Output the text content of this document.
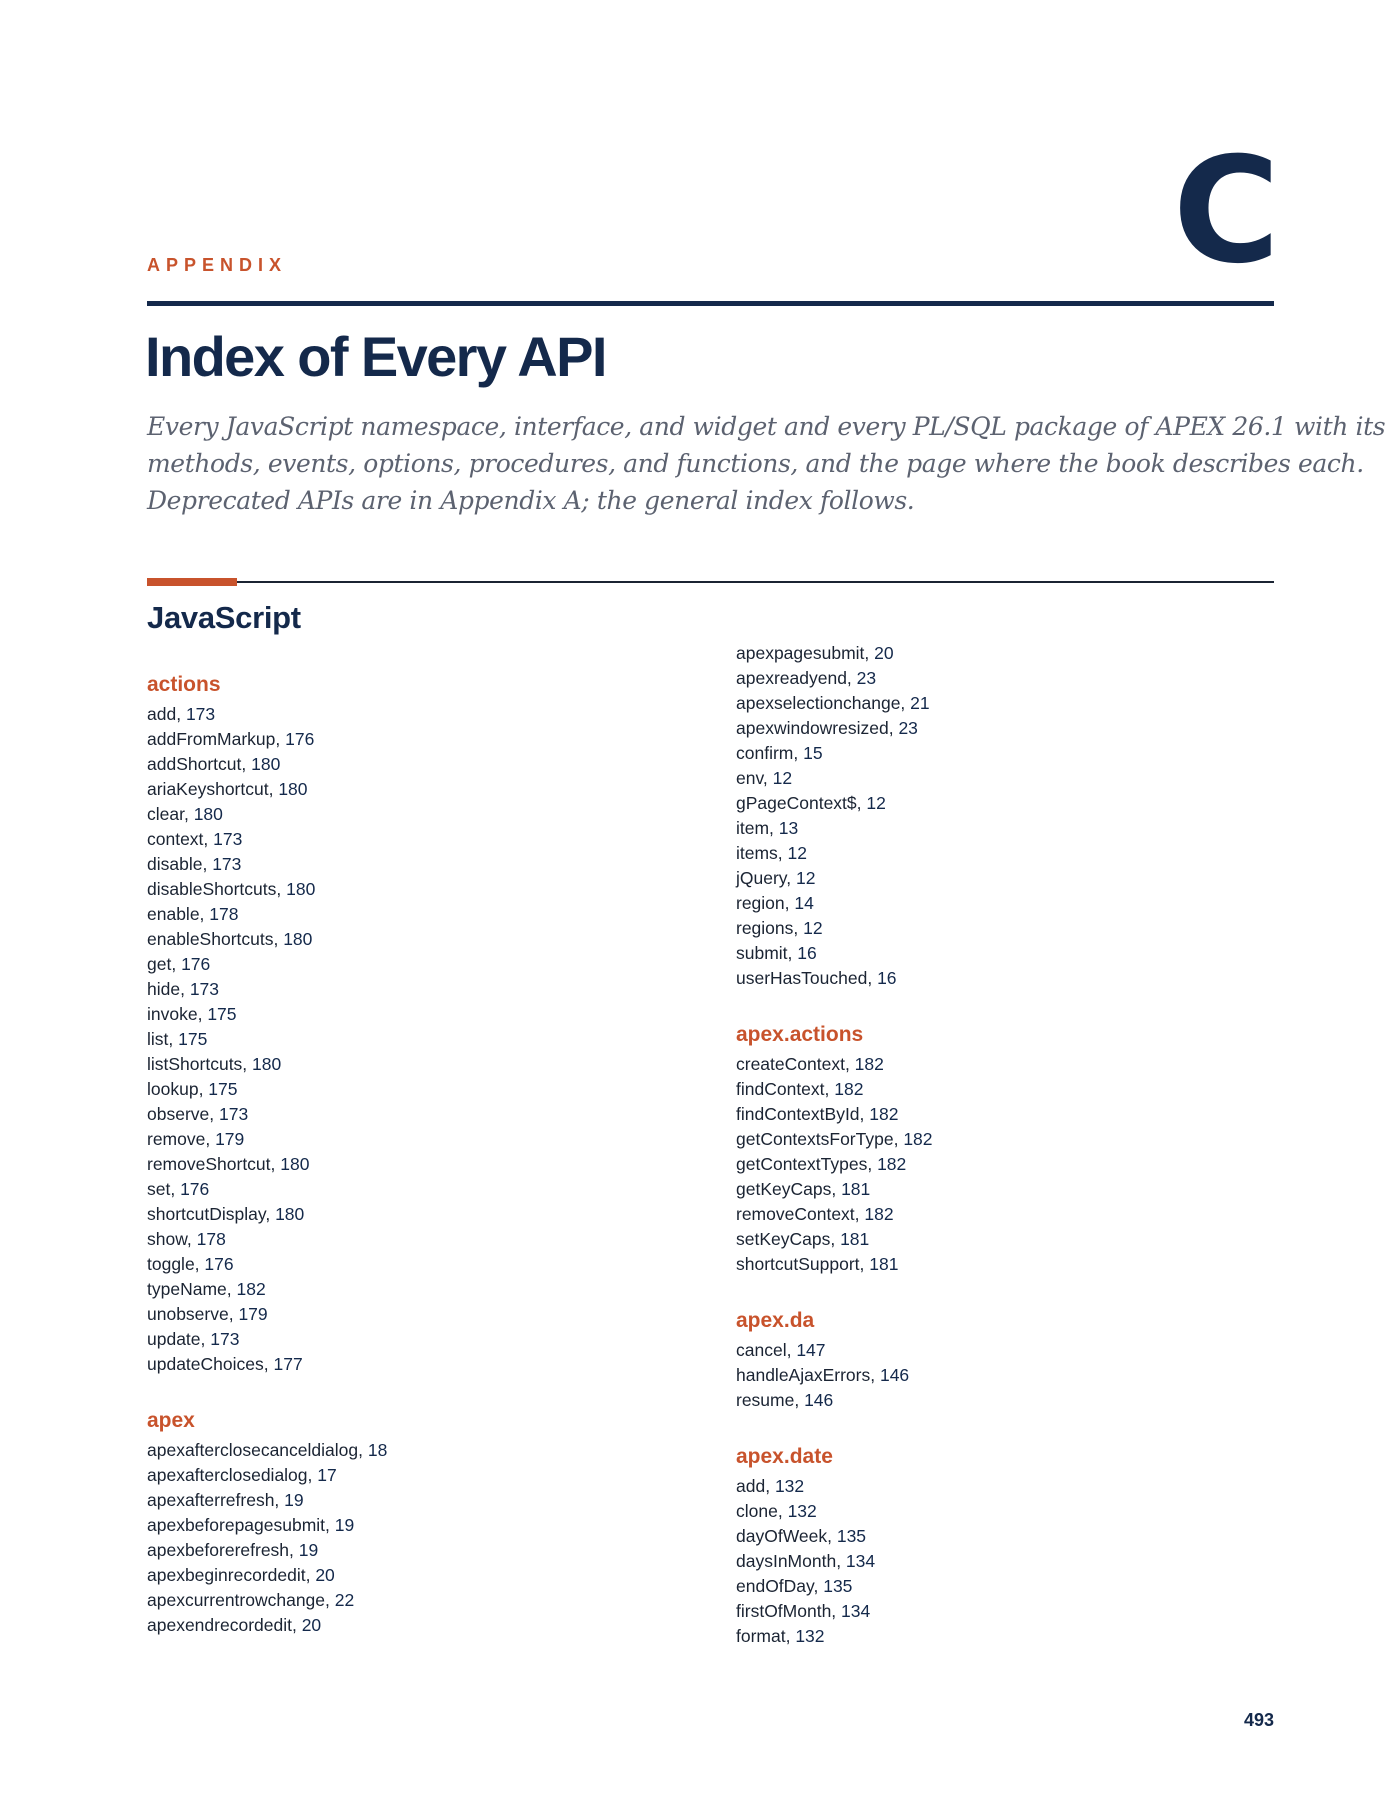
APPENDIX	C
Index of Every API
Every JavaScript namespace, interface, and widget and every PL/SQL package of APEX 26.1 with its
methods, events, options, procedures, and functions, and the page where the book describes each.
Deprecated APIs are in Appendix A; the general index follows.
JavaScript
actions
add, 173
addFromMarkup, 176
addShortcut, 180
ariaKeyshortcut, 180
clear, 180
context, 173
disable, 173
disableShortcuts, 180
enable, 178
enableShortcuts, 180
get, 176
hide, 173
invoke, 175
list, 175
listShortcuts, 180
lookup, 175
observe, 173
remove, 179
removeShortcut, 180
set, 176
shortcutDisplay, 180
show, 178
toggle, 176
typeName, 182
unobserve, 179
update, 173
updateChoices, 177
apex
apexafterclosecanceldialog, 18
apexafterclosedialog, 17
apexafterrefresh, 19
apexbeforepagesubmit, 19
apexbeforerefresh, 19
apexbeginrecordedit, 20
apexcurrentrowchange, 22
apexendrecordedit, 20
apexpagesubmit, 20
apexreadyend, 23
apexselectionchange, 21
apexwindowresized, 23
confirm, 15
env, 12
gPageContext$, 12
item, 13
items, 12
jQuery, 12
region, 14
regions, 12
submit, 16
userHasTouched, 16
apex.actions
createContext, 182
findContext, 182
findContextById, 182
getContextsForType, 182
getContextTypes, 182
getKeyCaps, 181
removeContext, 182
setKeyCaps, 181
shortcutSupport, 181
apex.da
cancel, 147
handleAjaxErrors, 146
resume, 146
apex.date
add, 132
clone, 132
dayOfWeek, 135
daysInMonth, 134
endOfDay, 135
firstOfMonth, 134
format, 132
493
